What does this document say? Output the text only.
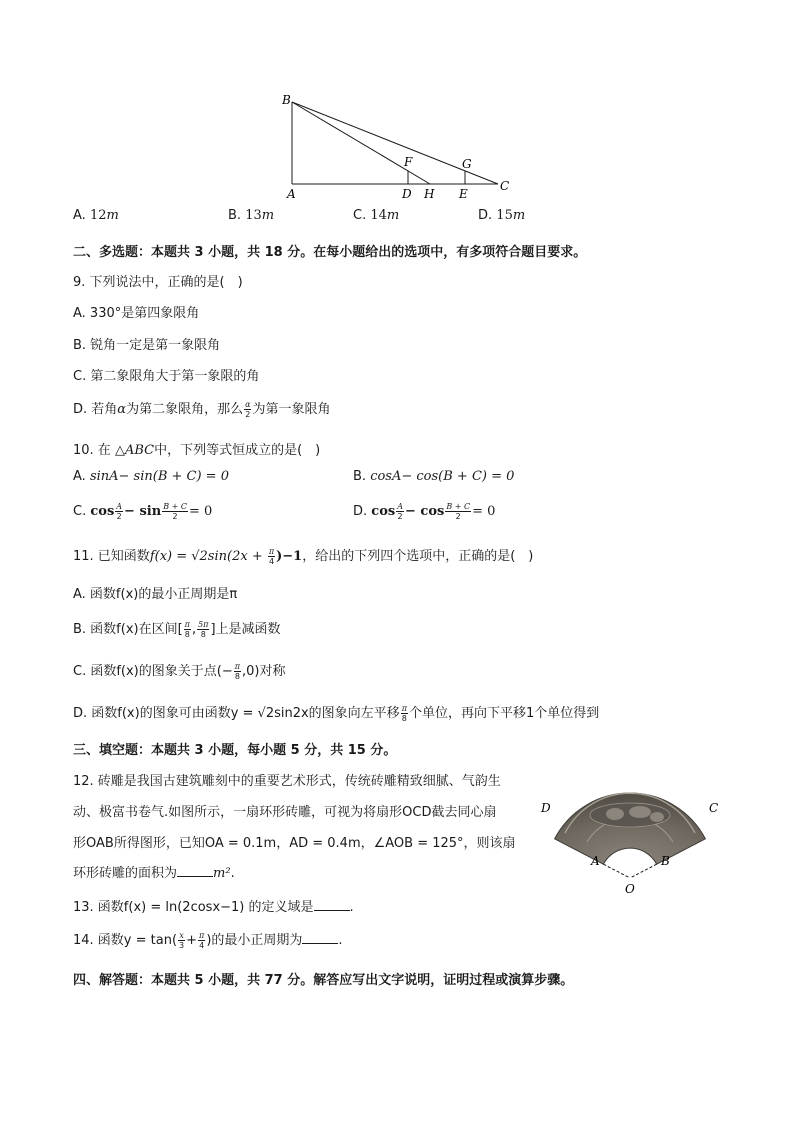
B
F	G
A	D H E
C
A. 12m	B. 13m	C. 14m	D. 15m
二、多选题：本题共 3 小题，共 18 分。在每小题给出的选项中，有多项符合题目要求。
9. 下列说法中，正确的是(　)
A. 330°是第四象限角
B. 锐角一定是第一象限角
C. 第二象限角大于第一象限的角
D. 若角α为第二象限角，那么 $\frac{\alpha}{2}$ 为第一象限角
10. 在 △ABC中，下列等式恒成立的是(　)
A. sinA− sin(B + C) = 0	B. cosA− cos(B + C) = 0
C. $\cos \frac{A}{2} - \sin \frac{B + C}{2} = 0$	D. $\cos \frac{A}{2} - \cos \frac{B + C}{2} = 0$
11. 已知函数$f(x) = √2\sin(2x + \frac{\pi}{4} )-1$，给出的下列四个选项中，正确的是(　)
A. 函数f(x)的最小正周期是π
B. 函数f(x)在区间[ $\frac{\pi}{8}$ , $\frac{5\pi}{8}$ ]上是减函数
C. 函数f(x)的图象关于点(− $\frac{\pi}{8} ,0$)对称
D. 函数f(x)的图象可由函数y = √2sin2x的图象向左平移 $\frac{\pi}{8}$ 个单位，再向下平移1个单位得到
三、填空题：本题共 3 小题，每小题 5 分，共 15 分。
12. 砖雕是我国古建筑雕刻中的重要艺术形式，传统砖雕精致细腻、气韵生
动、极富书卷气.如图所示，一扇环形砖雕，可视为将扇形OCD截去同心扇
形OAB所得图形，已知OA = 0.1m，AD = 0.4m，∠AOB = 125°，则该扇
环形砖雕的面积为	m².
D	C
A	B
O
13. 函数f(x) = ln(2cosx−1) 的定义域是	.
14. 函数$y = \tan( \frac{x}{3} + \frac{\pi}{4}$ )的最小正周期为	.
四、解答题：本题共 5 小题，共 77 分。解答应写出文字说明，证明过程或演算步骤。
